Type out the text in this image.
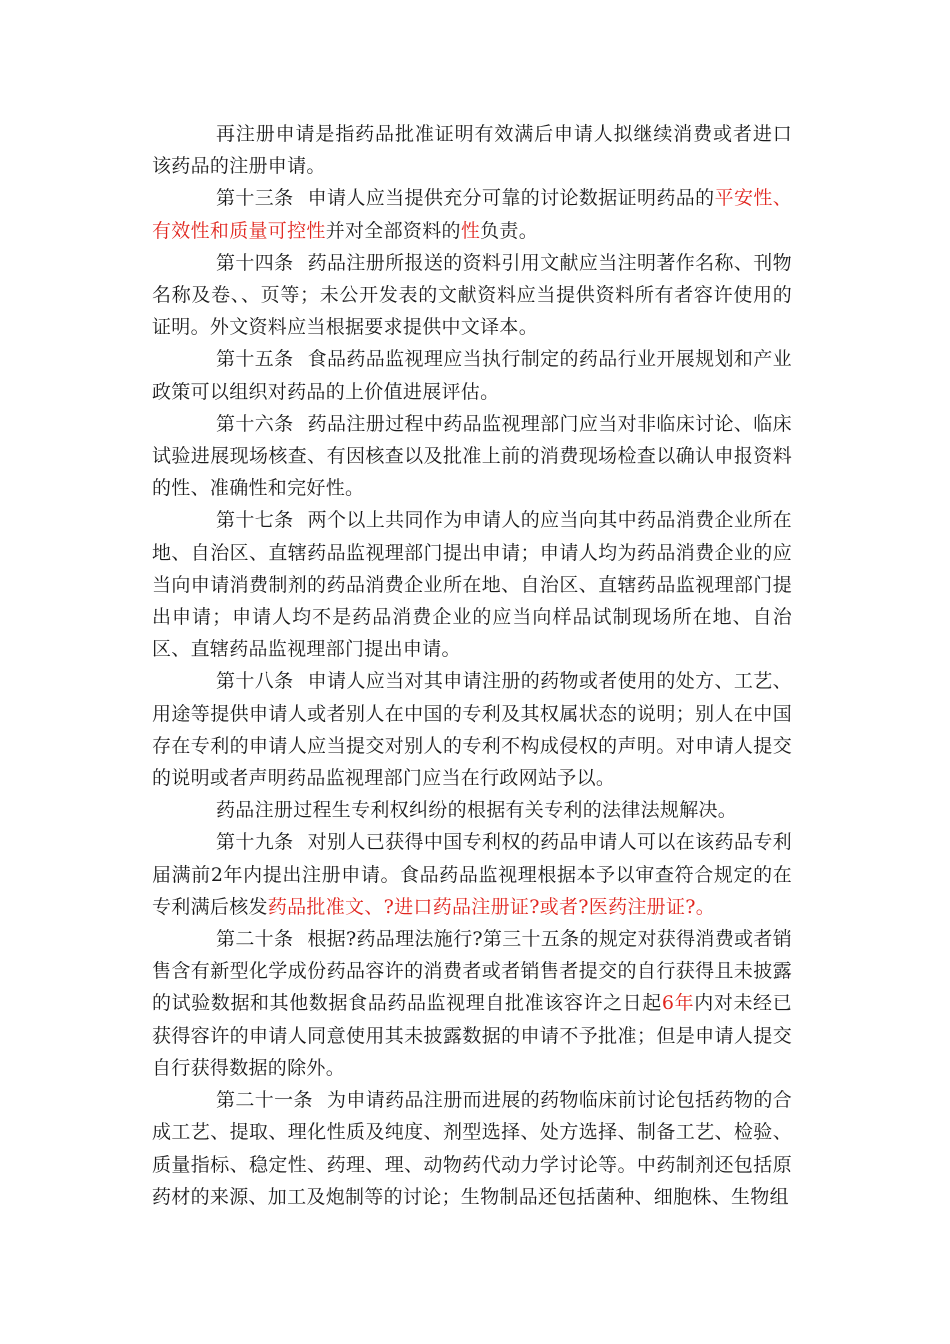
再注册申请是指药品批准证明有效满后申请人拟继续消费或者进口该药品的注册申请。

第十三条 申请人应当提供充分可靠的讨论数据证明药品的平安性、有效性和质量可控性并对全部资料的性负责。

第十四条 药品注册所报送的资料引用文献应当注明著作名称、刊物名称及卷、、页等；未公开发表的文献资料应当提供资料所有者容许使用的证明。外文资料应当根据要求提供中文译本。

第十五条 食品药品监视理应当执行制定的药品行业开展规划和产业政策可以组织对药品的上价值进展评估。

第十六条 药品注册过程中药品监视理部门应当对非临床讨论、临床试验进展现场核查、有因核查以及批准上前的消费现场检查以确认申报资料的性、准确性和完好性。

第十七条 两个以上共同作为申请人的应当向其中药品消费企业所在地、自治区、直辖药品监视理部门提出申请；申请人均为药品消费企业的应当向申请消费制剂的药品消费企业所在地、自治区、直辖药品监视理部门提出申请；申请人均不是药品消费企业的应当向样品试制现场所在地、自治区、直辖药品监视理部门提出申请。

第十八条 申请人应当对其申请注册的药物或者使用的处方、工艺、用途等提供申请人或者别人在中国的专利及其权属状态的说明；别人在中国存在专利的申请人应当提交对别人的专利不构成侵权的声明。对申请人提交的说明或者声明药品监视理部门应当在行政网站予以。

药品注册过程生专利权纠纷的根据有关专利的法律法规解决。

第十九条 对别人已获得中国专利权的药品申请人可以在该药品专利届满前2年内提出注册申请。食品药品监视理根据本予以审查符合规定的在专利满后核发药品批准文、?进口药品注册证?或者?医药注册证?。

第二十条 根据?药品理法施行?第三十五条的规定对获得消费或者销售含有新型化学成份药品容许的消费者或者销售者提交的自行获得且未披露的试验数据和其他数据食品药品监视理自批准该容许之日起6年内对未经已获得容许的申请人同意使用其未披露数据的申请不予批准；但是申请人提交自行获得数据的除外。

第二十一条 为申请药品注册而进展的药物临床前讨论包括药物的合成工艺、提取、理化性质及纯度、剂型选择、处方选择、制备工艺、检验、质量指标、稳定性、药理、理、动物药代动力学讨论等。中药制剂还包括原药材的来源、加工及炮制等的讨论；生物制品还包括菌种、细胞株、生物组
